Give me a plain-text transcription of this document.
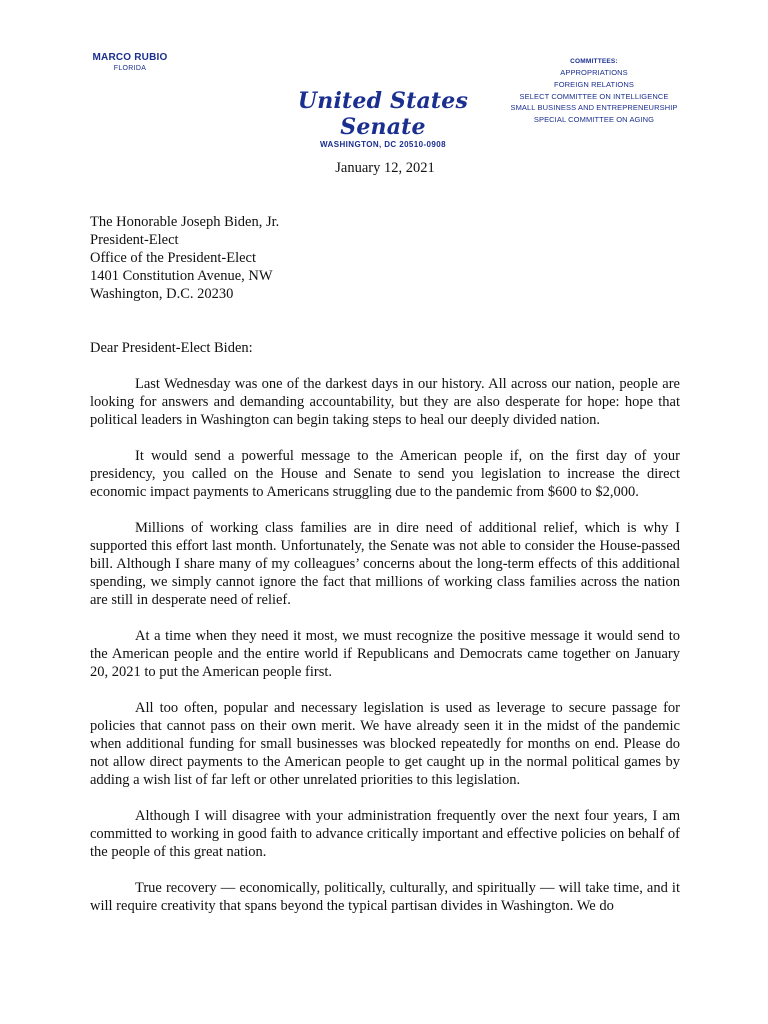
MARCO RUBIO
FLORIDA
United States Senate
WASHINGTON, DC 20510-0908
COMMITTEES:
APPROPRIATIONS
FOREIGN RELATIONS
SELECT COMMITTEE ON INTELLIGENCE
SMALL BUSINESS AND ENTREPRENEURSHIP
SPECIAL COMMITTEE ON AGING

January 12, 2021

The Honorable Joseph Biden, Jr.

President-Elect

Office of the President-Elect

1401 Constitution Avenue, NW

Washington, D.C. 20230

Dear President-Elect Biden:

Last Wednesday was one of the darkest days in our history. All across our nation, people are looking for answers and demanding accountability, but they are also desperate for hope: hope that political leaders in Washington can begin taking steps to heal our deeply divided nation.

It would send a powerful message to the American people if, on the first day of your presidency, you called on the House and Senate to send you legislation to increase the direct economic impact payments to Americans struggling due to the pandemic from $600 to $2,000.

Millions of working class families are in dire need of additional relief, which is why I supported this effort last month. Unfortunately, the Senate was not able to consider the House-passed bill. Although I share many of my colleagues’ concerns about the long-term effects of this additional spending, we simply cannot ignore the fact that millions of working class families across the nation are still in desperate need of relief.

At a time when they need it most, we must recognize the positive message it would send to the American people and the entire world if Republicans and Democrats came together on January 20, 2021 to put the American people first.

All too often, popular and necessary legislation is used as leverage to secure passage for policies that cannot pass on their own merit. We have already seen it in the midst of the pandemic when additional funding for small businesses was blocked repeatedly for months on end. Please do not allow direct payments to the American people to get caught up in the normal political games by adding a wish list of far left or other unrelated priorities to this legislation.

Although I will disagree with your administration frequently over the next four years, I am committed to working in good faith to advance critically important and effective policies on behalf of the people of this great nation.

True recovery — economically, politically, culturally, and spiritually — will take time, and it will require creativity that spans beyond the typical partisan divides in Washington. We do
